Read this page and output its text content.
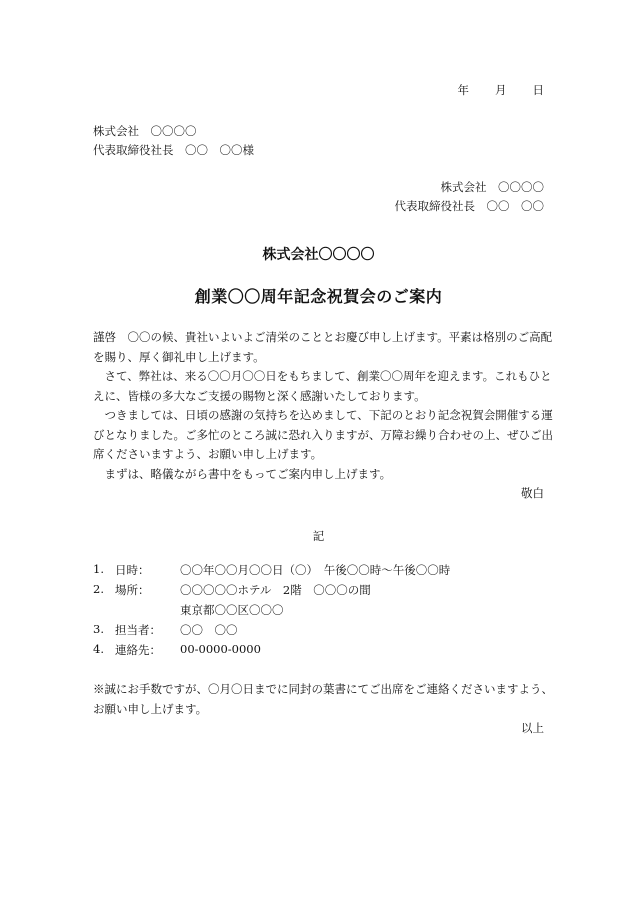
年 月 日
株式会社　〇〇〇〇
代表取締役社長　〇〇　〇〇様
株式会社　〇〇〇〇
代表取締役社長　〇〇　〇〇
株式会社〇〇〇〇
創業〇〇周年記念祝賀会のご案内
謹啓　〇〇の候、貴社いよいよご清栄のこととお慶び申し上げます。平素は格別のご高配
を賜り、厚く御礼申し上げます。
　さて、弊社は、来る〇〇月〇〇日をもちまして、創業〇〇周年を迎えます。これもひと
えに、皆様の多大なご支援の賜物と深く感謝いたしております。
　つきましては、日頃の感謝の気持ちを込めまして、下記のとおり記念祝賀会開催する運
びとなりました。ご多忙のところ誠に恐れ入りますが、万障お繰り合わせの上、ぜひご出
席くださいますよう、お願い申し上げます。
　まずは、略儀ながら書中をもってご案内申し上げます。
敬白
記
1. 日時：	〇〇年〇〇月〇〇日（〇）　午後〇〇時〜午後〇〇時
2. 場所：	〇〇〇〇〇ホテル　2階　〇〇〇の間
東京都〇〇区〇〇〇
3. 担当者： 〇〇　〇〇
4. 連絡先： 00-0000-0000
※誠にお手数ですが、〇月〇日までに同封の葉書にてご出席をご連絡くださいますよう、
お願い申し上げます。
以上
